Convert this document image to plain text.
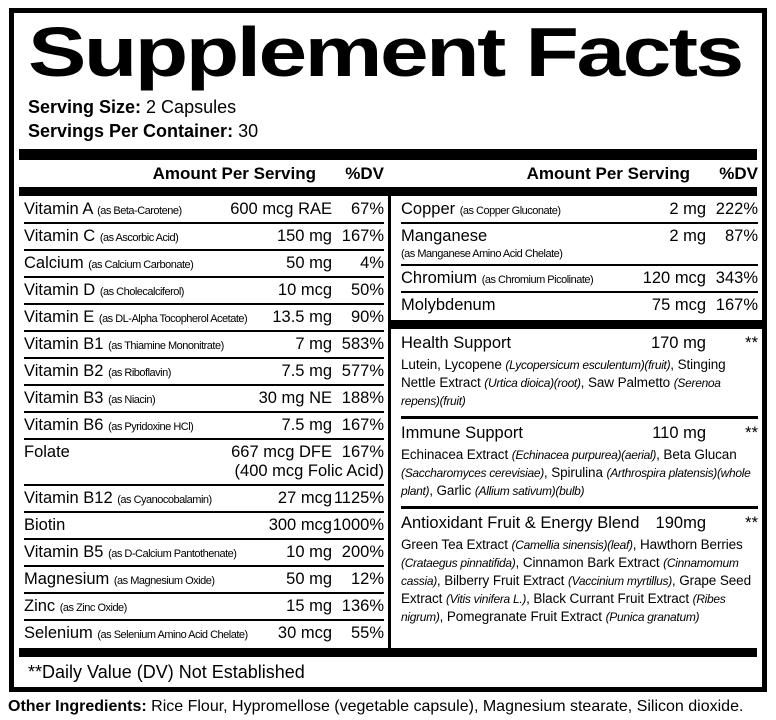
Supplement Facts
Serving Size: 2 Capsules
Servings Per Container: 30
Amount Per Serving	%DV	Amount Per Serving	%DV
Vitamin A (as Beta-Carotene)	600 mcg RAE	67%
Vitamin C (as Ascorbic Acid)	150 mg 167%
Calcium (as Calcium Carbonate)	50 mg	4%
Vitamin D (as Cholecalciferol)	10 mcg	50%
Vitamin E (as DL-Alpha Tocopherol Acetate)	13.5 mg	90%
Vitamin B1 (as Thiamine Mononitrate)	7 mg 583%
Vitamin B2 (as Riboflavin)	7.5 mg 577%
Vitamin B3 (as Niacin)	30 mg NE 188%
Vitamin B6 (as Pyridoxine HCl)	7.5 mg 167%
Folate	667 mcg DFE 167%
(400 mcg Folic Acid)
Vitamin B12 (as Cyanocobalamin)	27 mcg 1125%
Biotin	300 mcg 1000%
Vitamin B5 (as D-Calcium Pantothenate)	10 mg 200%
Magnesium (as Magnesium Oxide)	50 mg	12%
Zinc (as Zinc Oxide)	15 mg 136%
Selenium (as Selenium Amino Acid Chelate)	30 mcg	55%
Copper (as Copper Gluconate)	2 mg 222%
Manganese	2 mg	87%
(as Manganese Amino Acid Chelate)
Chromium (as Chromium Picolinate)	120 mcg 343%
Molybdenum	75 mcg 167%
Health Support	170 mg	**
Lutein, Lycopene (Lycopersicum esculentum)(fruit), Stinging Nettle Extract (Urtica dioica)(root), Saw Palmetto (Serenoa repens)(fruit)
Immune Support	110 mg	**
Echinacea Extract (Echinacea purpurea)(aerial), Beta Glucan (Saccharomyces cerevisiae), Spirulina (Arthrospira platensis)(whole plant), Garlic (Allium sativum)(bulb)
Antioxidant Fruit & Energy Blend 190mg	**
Green Tea Extract (Camellia sinensis)(leaf), Hawthorn Berries (Crataegus pinnatifida), Cinnamon Bark Extract (Cinnamomum cassia), Bilberry Fruit Extract (Vaccinium myrtillus), Grape Seed Extract (Vitis vinifera L.), Black Currant Fruit Extract (Ribes nigrum), Pomegranate Fruit Extract (Punica granatum)
**Daily Value (DV) Not Established
Other Ingredients: Rice Flour, Hypromellose (vegetable capsule), Magnesium stearate, Silicon dioxide.
